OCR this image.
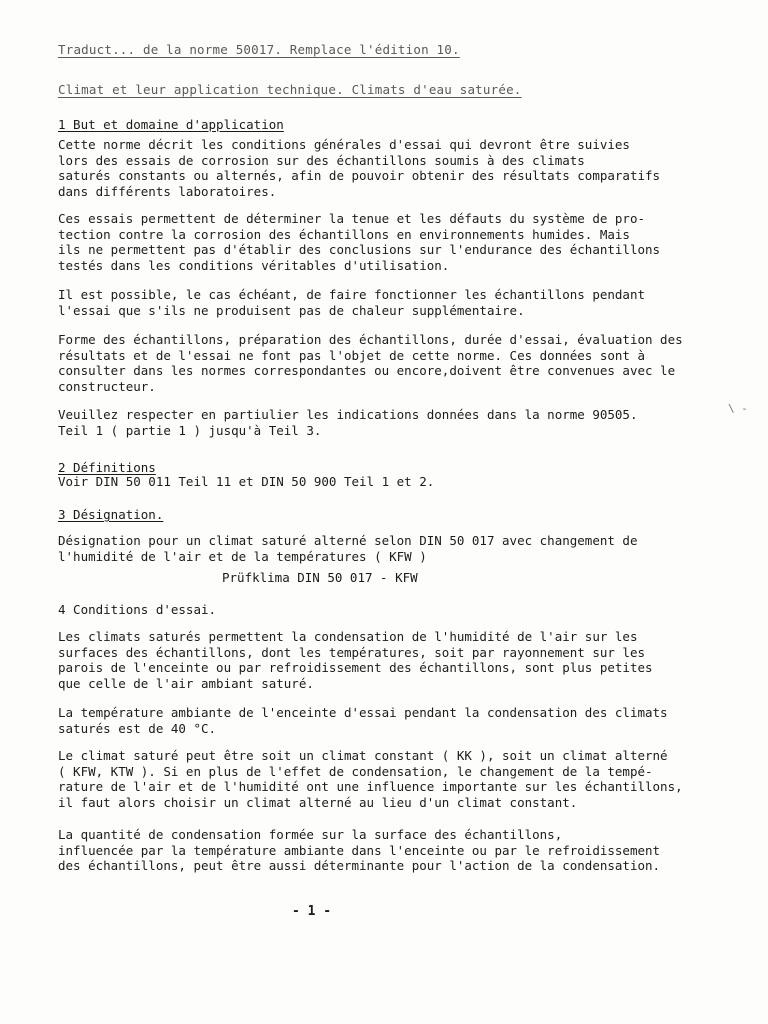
Traduct... de la norme 50017. Remplace l'édition 10.
Climat et leur application technique. Climats d'eau saturée.
1 But et domaine d'application
Cette norme décrit les conditions générales d'essai qui devront être suivies
lors des essais de corrosion sur des échantillons soumis à des climats
saturés constants ou alternés, afin de pouvoir obtenir des résultats comparatifs
dans différents laboratoires.
Ces essais permettent de déterminer la tenue et les défauts du système de pro-
tection contre la corrosion des échantillons en environnements humides. Mais
ils ne permettent pas d'établir des conclusions sur l'endurance des échantillons
testés dans les conditions véritables d'utilisation.
Il est possible, le cas échéant, de faire fonctionner les échantillons pendant
l'essai que s'ils ne produisent pas de chaleur supplémentaire.
Forme des échantillons, préparation des échantillons, durée d'essai, évaluation des
résultats et de l'essai ne font pas l'objet de cette norme. Ces données sont à
consulter dans les normes correspondantes ou encore,doivent être convenues avec le
constructeur.
Veuillez respecter en partiulier les indications données dans la norme 90505.
Teil 1 ( partie 1 ) jusqu'à Teil 3.
\ -
2 Définitions
Voir DIN 50 011 Teil 11 et DIN 50 900 Teil 1 et 2.
3 Désignation.
Désignation pour un climat saturé alterné selon DIN 50 017 avec changement de
l'humidité de l'air et de la températures ( KFW )
Prüfklima DIN 50 017 - KFW
4 Conditions d'essai.
Les climats saturés permettent la condensation de l'humidité de l'air sur les
surfaces des échantillons, dont les températures, soit par rayonnement sur les
parois de l'enceinte ou par refroidissement des échantillons, sont plus petites
que celle de l'air ambiant saturé.
La température ambiante de l'enceinte d'essai pendant la condensation des climats
saturés est de 40 °C.
Le climat saturé peut être soit un climat constant ( KK ), soit un climat alterné
( KFW, KTW ). Si en plus de l'effet de condensation, le changement de la tempé-
rature de l'air et de l'humidité ont une influence importante sur les échantillons,
il faut alors choisir un climat alterné au lieu d'un climat constant.
La quantité de condensation formée sur la surface des échantillons,
influencée par la température ambiante dans l'enceinte ou par le refroidissement
des échantillons, peut être aussi déterminante pour l'action de la condensation.
- 1 -
